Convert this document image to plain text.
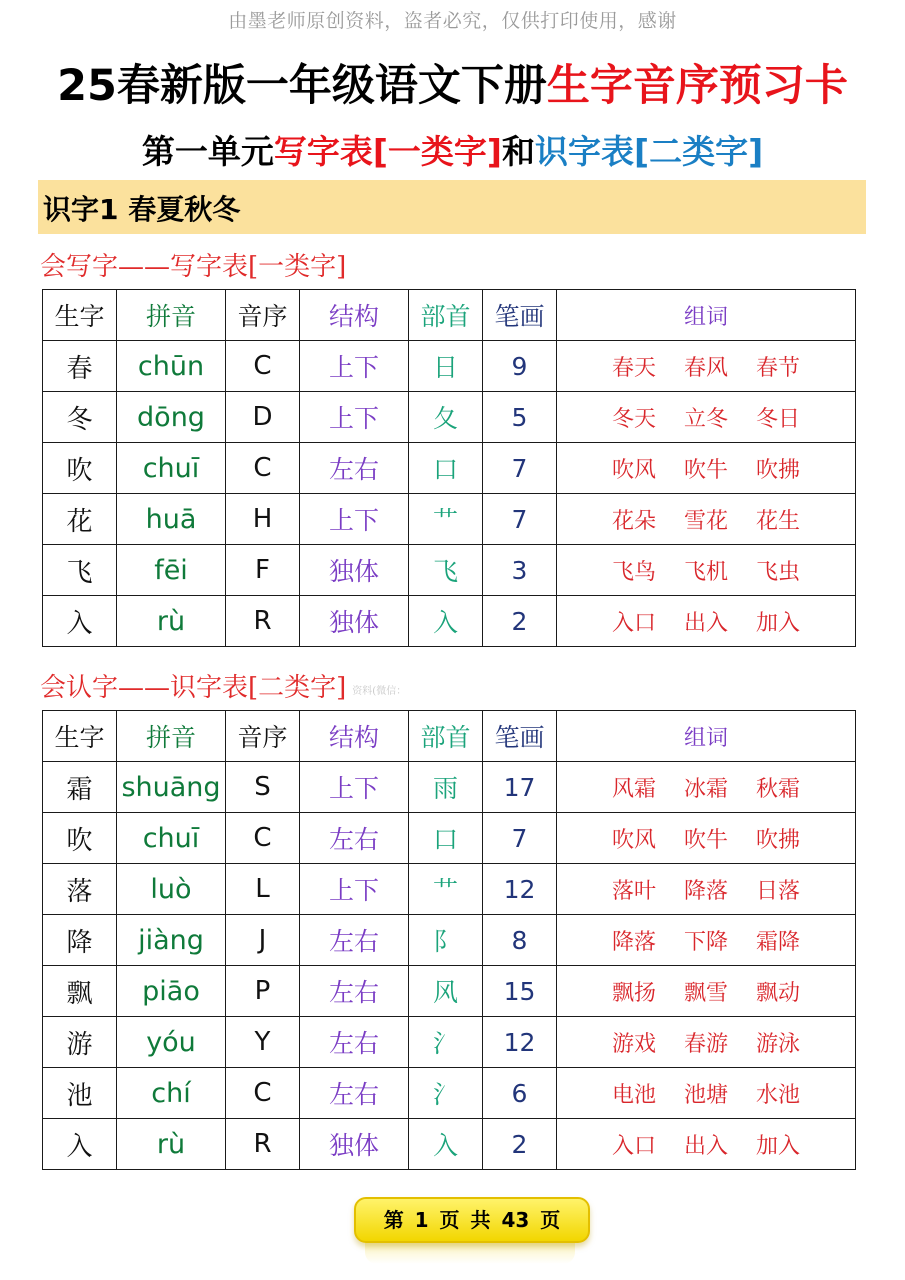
由墨老师原创资料，盗者必究，仅供打印使用，感谢
25春新版一年级语文下册生字音序预习卡
第一单元写字表[一类字]和识字表[二类字]
识字1 春夏秋冬
会写字——写字表[一类字]
生字	拼音	音序	结构	部首	笔画	组词
春	chūn	C	上下	日	9	春天 春风 春节
冬	dōng	D	上下	夂	5	冬天 立冬 冬日
吹	chuī	C	左右	口	7	吹风 吹牛 吹拂
花	huā	H	上下	艹	7	花朵 雪花 花生
飞	fēi	F	独体	飞	3	飞鸟 飞机 飞虫
入	rù	R	独体	入	2	入口 出入 加入
会认字——识字表[二类字] 资料(微信：
生字	拼音	音序	结构	部首	笔画	组词
霜	shuāng	S	上下	雨	17	风霜 冰霜 秋霜
吹	chuī	C	左右	口	7	吹风 吹牛 吹拂
落	luò	L	上下	艹	12	落叶 降落 日落
降	jiàng	J	左右	阝	8	降落 下降 霜降
飘	piāo	P	左右	风	15	飘扬 飘雪 飘动
游	yóu	Y	左右	氵	12	游戏 春游 游泳
池	chí	C	左右	氵	6	电池 池塘 水池
入	rù	R	独体	入	2	入口 出入 加入
第 1 页 共 43 页
